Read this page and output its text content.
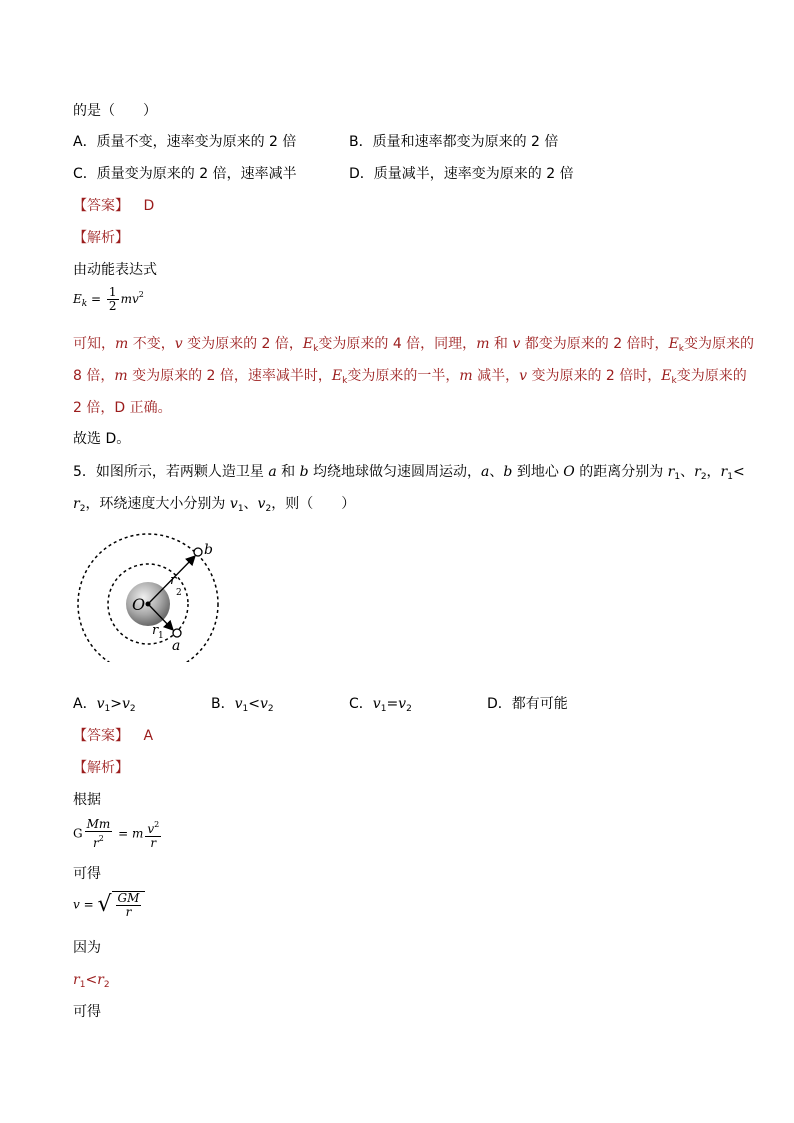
的是（　　）
A．质量不变，速率变为原来的 2 倍	B．质量和速率都变为原来的 2 倍
C．质量变为原来的 2 倍，速率减半	D．质量减半，速率变为原来的 2 倍
【答案】 D
【解析】
由动能表达式
$E_k = \frac{1}{2} mv^2$
可知，m 不变，v 变为原来的 2 倍，$E_k$变为原来的 4 倍，同理，m 和 v 都变为原来的 2 倍时，$E_k$变为原来的
8 倍，m 变为原来的 2 倍，速率减半时，$E_k$变为原来的一半，m 减半，v 变为原来的 2 倍时，$E_k$变为原来的
2 倍，D 正确。
故选 D。
5．如图所示，若两颗人造卫星 a 和 b 均绕地球做匀速圆周运动，a、b 到地心 O 的距离分别为 $r_1$、$r_2$，$r_1<$
$r_2$，环绕速度大小分别为 $v_1$、$v_2$，则（　　）
O
b
a
r
2
r 1
A．$v_1>v_2$	B．$v_1<v_2$	C．$v_1=v_2$	D．都有可能
【答案】 A
【解析】
根据
G $\frac{Mm}{r^2} = m \frac{v^2}{r}$
可得
v = √ $\frac{GM}{r}$
因为
$r_1<r_2$
可得
